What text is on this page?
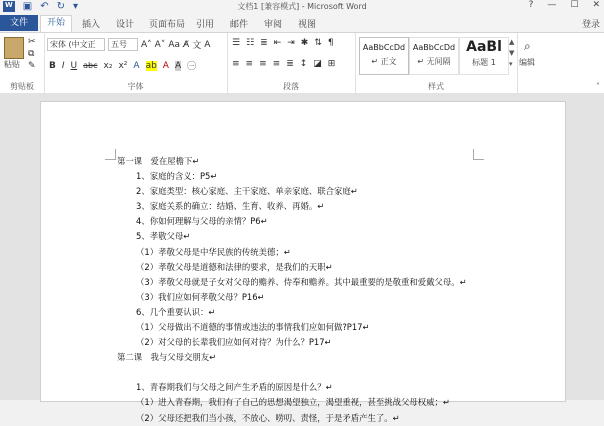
W ▣ ↶ ↻ ▾	文档1 [兼容模式] - Microsoft Word	? — ☐ ✕
文件	开始	插入 设计 页面布局 引用 邮件 审阅 视图	登录
粘贴
✂
⧉
✎
剪贴板
宋体 (中文正	五号	A˄ A˅ Aa A̸ 文 A
B I U abc x₂ x² A ab A A ㊀
字体
☰ ☷ ≣ ⇤ ⇥ ✱ ⇅ ¶
≡ ≡ ≡ ≡ ≣ ↕ ◪ ⊞
段落
AaBbCcDd
↵ 正文
AaBbCcDd
↵ 无间隔
AaBl
标题 1
▲
▼
▾
样式
⌕
编辑
˄
第一课　爱在屋檐下↵
1、家庭的含义：P5↵
2、家庭类型：核心家庭、主干家庭、单亲家庭、联合家庭↵
3、家庭关系的确立：结婚、生育、收养、再婚。↵
4、你如何理解与父母的亲情？P6↵
5、孝敬父母↵
（1）孝敬父母是中华民族的传统美德；↵
（2）孝敬父母是道德和法律的要求，是我们的天职↵
（3）孝敬父母就是子女对父母的赡养、侍奉和赡养。其中最重要的是敬重和爱戴父母。↵
（3）我们应如何孝敬父母？P16↵
6、几个重要认识：↵
（1）父母做出不道德的事情或违法的事情我们应如何做?P17↵
（2）对父母的长辈我们应如何对待？为什么？P17↵
第二课　我与父母交朋友↵
1、青春期我们与父母之间产生矛盾的原因是什么？↵
（1）进入青春期，我们有了自己的思想渴望独立，渴望重视，甚至挑战父母权威；↵
（2）父母还把我们当小孩，不放心、唠叨、责怪，于是矛盾产生了。↵
